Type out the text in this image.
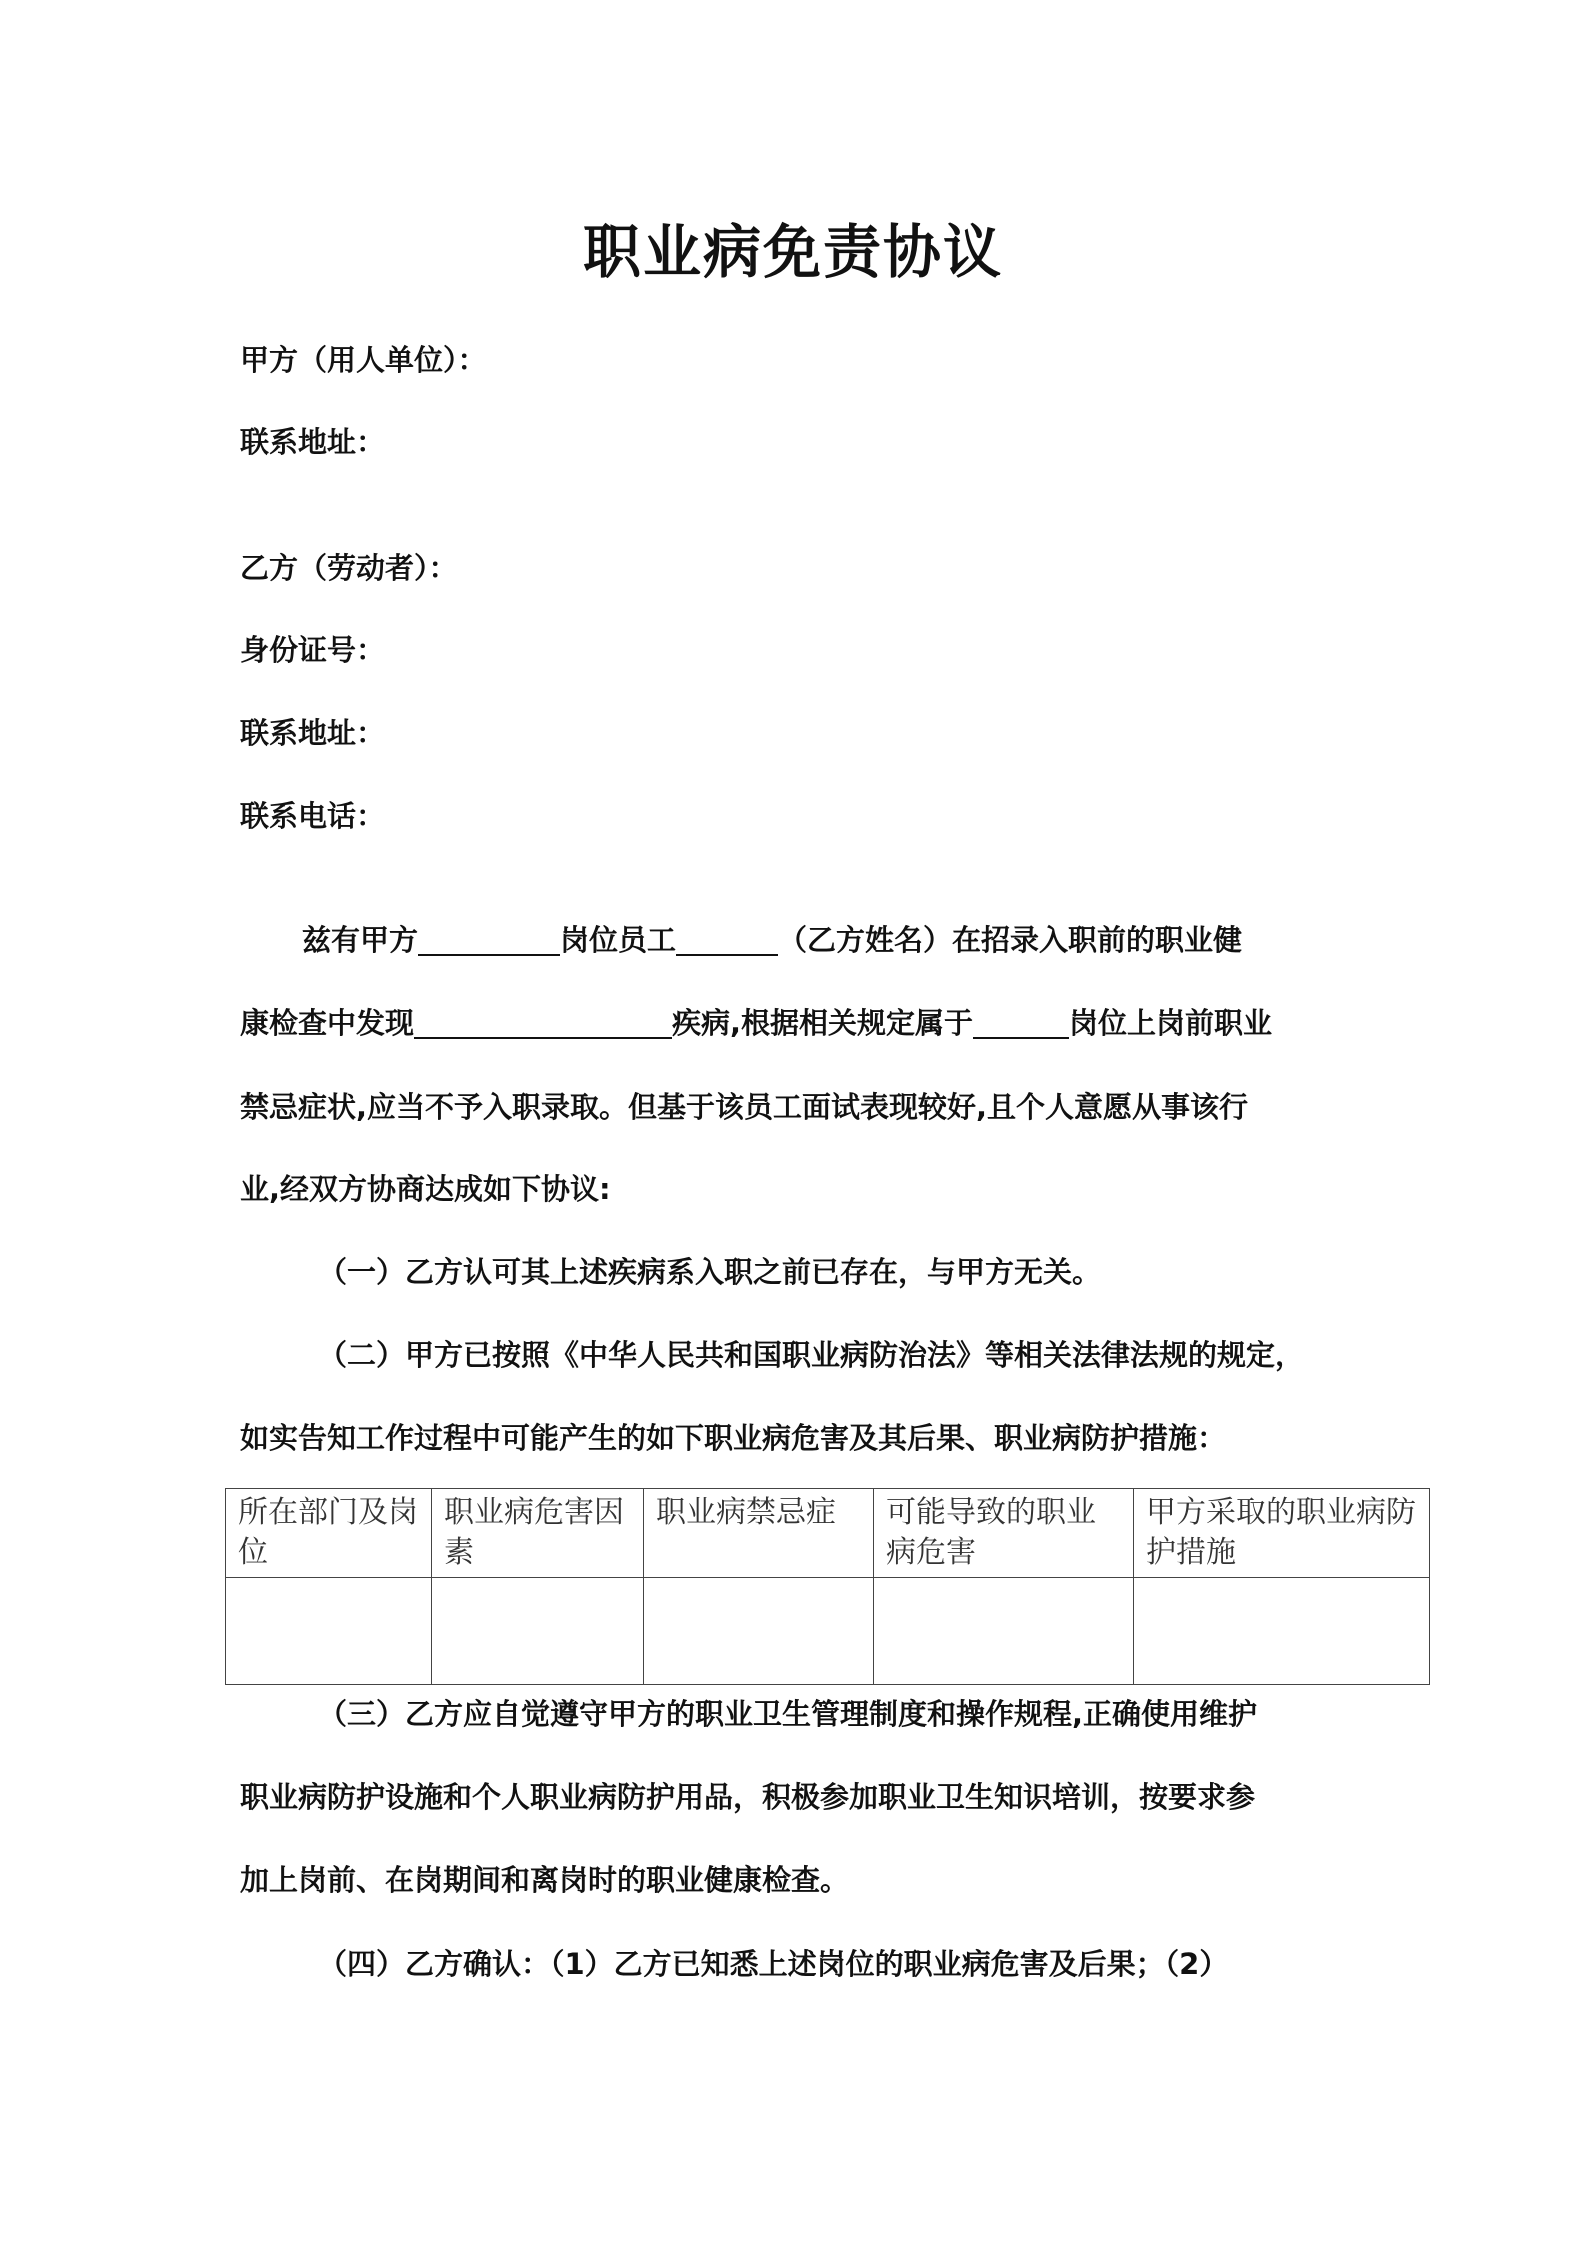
职业病免责协议
甲方（用人单位）：
联系地址：
乙方（劳动者）：
身份证号：
联系地址：
联系电话：
兹有甲方	岗位员工	（乙方姓名）在招录入职前的职业健
康检查中发现	疾病,根据相关规定属于	岗位上岗前职业
禁忌症状,应当不予入职录取。但基于该员工面试表现较好,且个人意愿从事该行
业,经双方协商达成如下协议:
（一）乙方认可其上述疾病系入职之前已存在，与甲方无关。
（二）甲方已按照《中华人民共和国职业病防治法》等相关法律法规的规定，
如实告知工作过程中可能产生的如下职业病危害及其后果、职业病防护措施：
所在部门及岗位	职业病危害因素	职业病禁忌症	可能导致的职业病危害	甲方采取的职业病防护措施

（三）乙方应自觉遵守甲方的职业卫生管理制度和操作规程,正确使用维护
职业病防护设施和个人职业病防护用品，积极参加职业卫生知识培训，按要求参
加上岗前、在岗期间和离岗时的职业健康检查。
（四）乙方确认：（1）乙方已知悉上述岗位的职业病危害及后果；（2）
